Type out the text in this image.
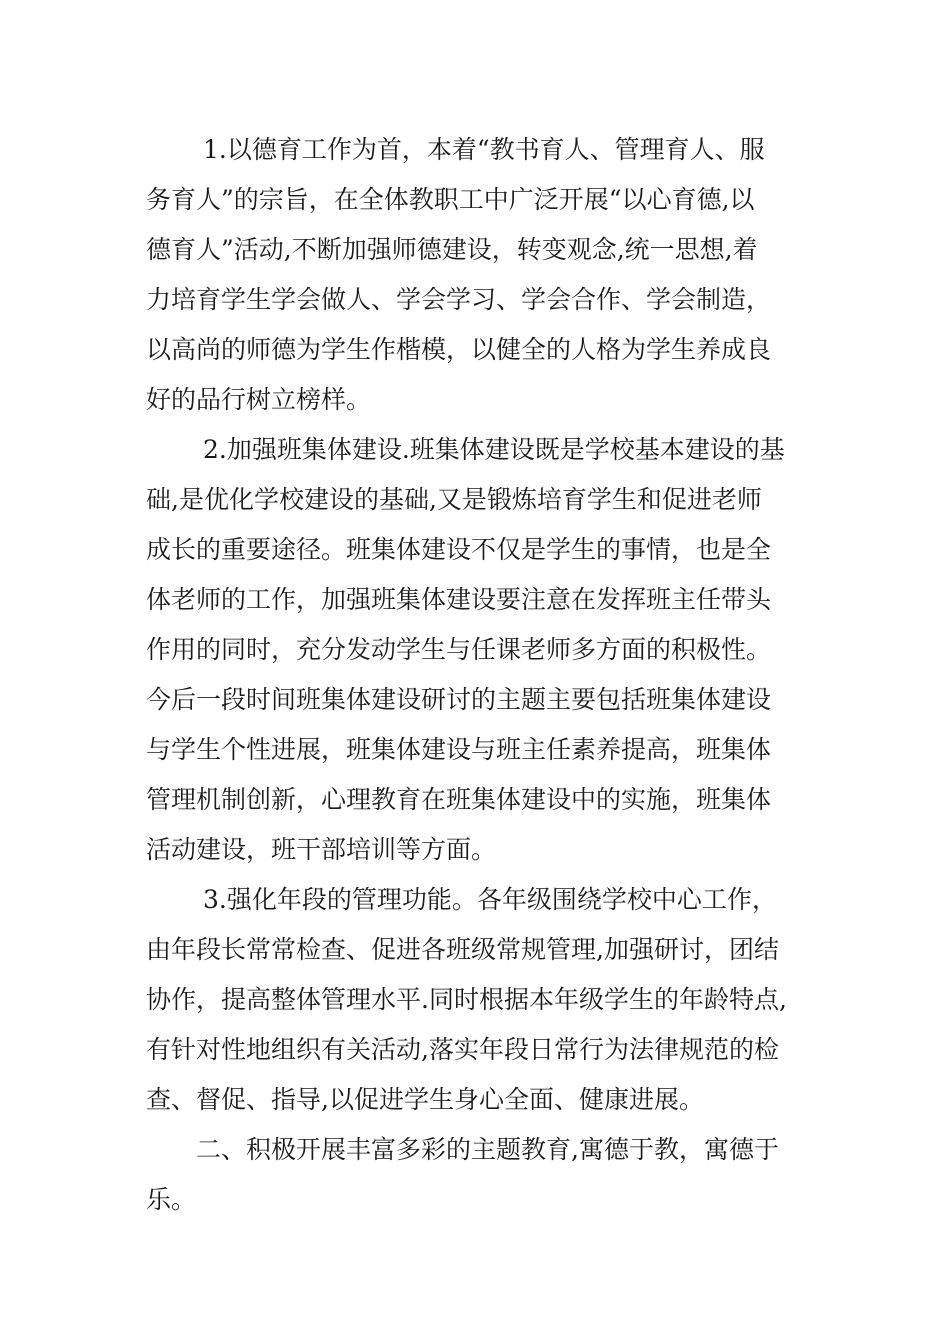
1.以德育工作为首，本着“教书育人、管理育人、服
务育人”的宗旨，在全体教职工中广泛开展“以心育德,以
德育人”活动,不断加强师德建设，转变观念,统一思想,着
力培育学生学会做人、学会学习、学会合作、学会制造，
以高尚的师德为学生作楷模，以健全的人格为学生养成良
好的品行树立榜样。
2.加强班集体建设.班集体建设既是学校基本建设的基
础,是优化学校建设的基础,又是锻炼培育学生和促进老师
成长的重要途径。班集体建设不仅是学生的事情，也是全
体老师的工作，加强班集体建设要注意在发挥班主任带头
作用的同时，充分发动学生与任课老师多方面的积极性。
今后一段时间班集体建设研讨的主题主要包括班集体建设
与学生个性进展，班集体建设与班主任素养提高，班集体
管理机制创新，心理教育在班集体建设中的实施，班集体
活动建设，班干部培训等方面。
3.强化年段的管理功能。各年级围绕学校中心工作，
由年段长常常检查、促进各班级常规管理,加强研讨，团结
协作，提高整体管理水平.同时根据本年级学生的年龄特点,
有针对性地组织有关活动,落实年段日常行为法律规范的检
查、督促、指导,以促进学生身心全面、健康进展。
二、积极开展丰富多彩的主题教育,寓德于教，寓德于
乐。
